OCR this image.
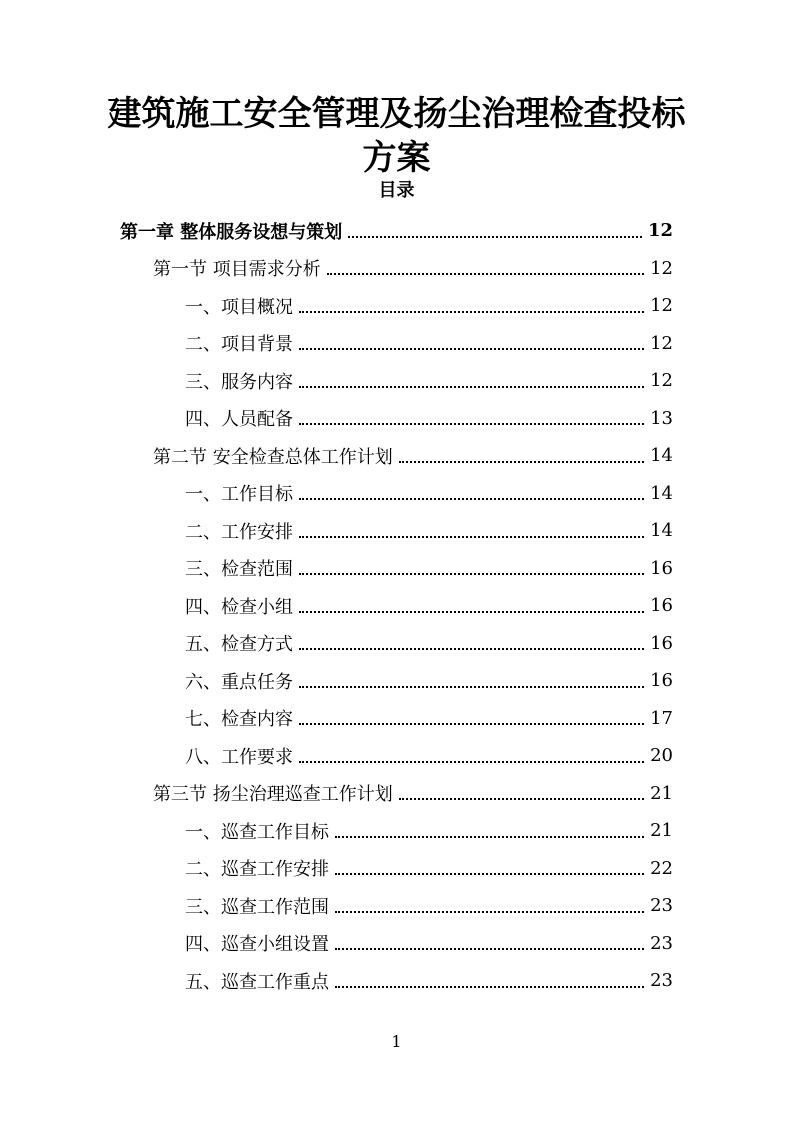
建筑施工安全管理及扬尘治理检查投标
方案
目录
第一章 整体服务设想与策划	12
第一节 项目需求分析	12
一、项目概况	12
二、项目背景	12
三、服务内容	12
四、人员配备	13
第二节 安全检查总体工作计划	14
一、工作目标	14
二、工作安排	14
三、检查范围	16
四、检查小组	16
五、检查方式	16
六、重点任务	16
七、检查内容	17
八、工作要求	20
第三节 扬尘治理巡查工作计划	21
一、巡查工作目标	21
二、巡查工作安排	22
三、巡查工作范围	23
四、巡查小组设置	23
五、巡查工作重点	23
1
